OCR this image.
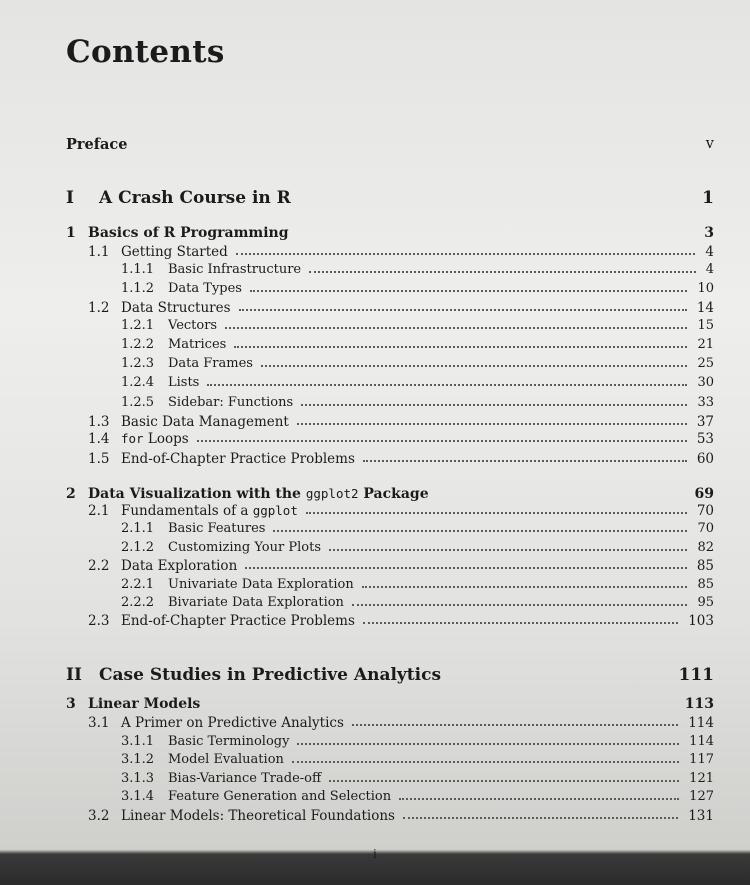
Contents
Preface	v
I A Crash Course in R	1
1 Basics of R Programming	3
1.1 Getting Started	4
1.1.1 Basic Infrastructure	4
1.1.2 Data Types	10
1.2 Data Structures	14
1.2.1 Vectors	15
1.2.2 Matrices	21
1.2.3 Data Frames	25
1.2.4 Lists	30
1.2.5 Sidebar: Functions	33
1.3 Basic Data Management	37
1.4 for Loops	53
1.5 End-of-Chapter Practice Problems	60
2 Data Visualization with the ggplot2 Package	69
2.1 Fundamentals of a ggplot	70
2.1.1 Basic Features	70
2.1.2 Customizing Your Plots	82
2.2 Data Exploration	85
2.2.1 Univariate Data Exploration	85
2.2.2 Bivariate Data Exploration	95
2.3 End-of-Chapter Practice Problems	103
II Case Studies in Predictive Analytics	111
3 Linear Models	113
3.1 A Primer on Predictive Analytics	114
3.1.1 Basic Terminology	114
3.1.2 Model Evaluation	117
3.1.3 Bias-Variance Trade-off	121
3.1.4 Feature Generation and Selection	127
3.2 Linear Models: Theoretical Foundations	131
i
